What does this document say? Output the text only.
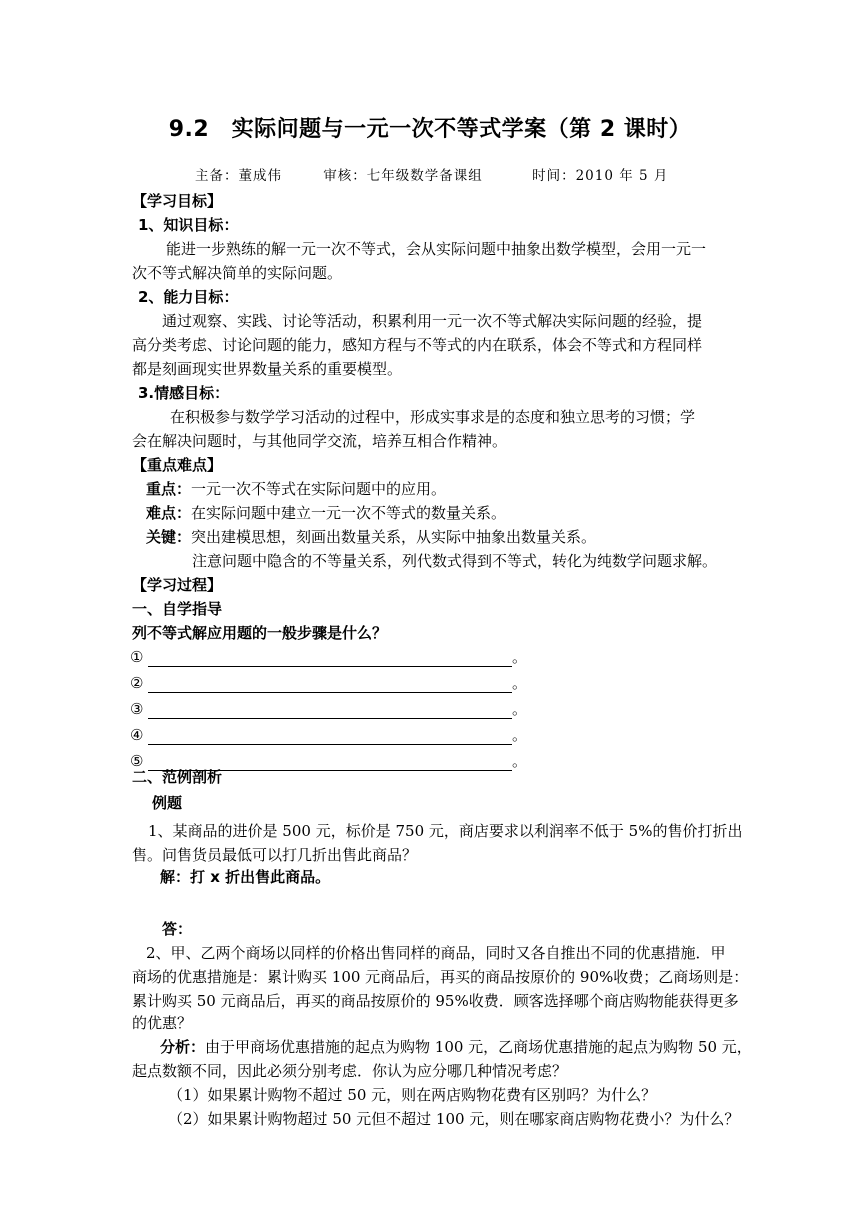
9.2　实际问题与一元一次不等式学案（第 2 课时）
主备：董成伟	审核：七年级数学备课组	时间：2010 年 5 月
【学习目标】
1、知识目标：
能进一步熟练的解一元一次不等式，会从实际问题中抽象出数学模型，会用一元一
次不等式解决简单的实际问题。
2、能力目标：
通过观察、实践、讨论等活动，积累利用一元一次不等式解决实际问题的经验，提
高分类考虑、讨论问题的能力，感知方程与不等式的内在联系，体会不等式和方程同样
都是刻画现实世界数量关系的重要模型。
3.情感目标：
在积极参与数学学习活动的过程中，形成实事求是的态度和独立思考的习惯；学
会在解决问题时，与其他同学交流，培养互相合作精神。
【重点难点】
重点：一元一次不等式在实际问题中的应用。
难点：在实际问题中建立一元一次不等式的数量关系。
关键：突出建模思想，刻画出数量关系，从实际中抽象出数量关系。
注意问题中隐含的不等量关系，列代数式得到不等式，转化为纯数学问题求解。
【学习过程】
一、自学指导
列不等式解应用题的一般步骤是什么？
①	。
②	。
③	。
④	。
⑤	。
二、范例剖析
例题
1、某商品的进价是 500 元，标价是 750 元，商店要求以利润率不低于 5%的售价打折出
售。问售货员最低可以打几折出售此商品？
解：打 x 折出售此商品。
答：
2、甲、乙两个商场以同样的价格出售同样的商品，同时又各自推出不同的优惠措施．甲
商场的优惠措施是：累计购买 100 元商品后，再买的商品按原价的 90%收费；乙商场则是：
累计购买 50 元商品后，再买的商品按原价的 95%收费．顾客选择哪个商店购物能获得更多
的优惠？
分析：由于甲商场优惠措施的起点为购物 100 元，乙商场优惠措施的起点为购物 50 元，
起点数额不同，因此必须分别考虑．你认为应分哪几种情况考虑？
（1）如果累计购物不超过 50 元，则在两店购物花费有区别吗？为什么？
（2）如果累计购物超过 50 元但不超过 100 元，则在哪家商店购物花费小？为什么？
